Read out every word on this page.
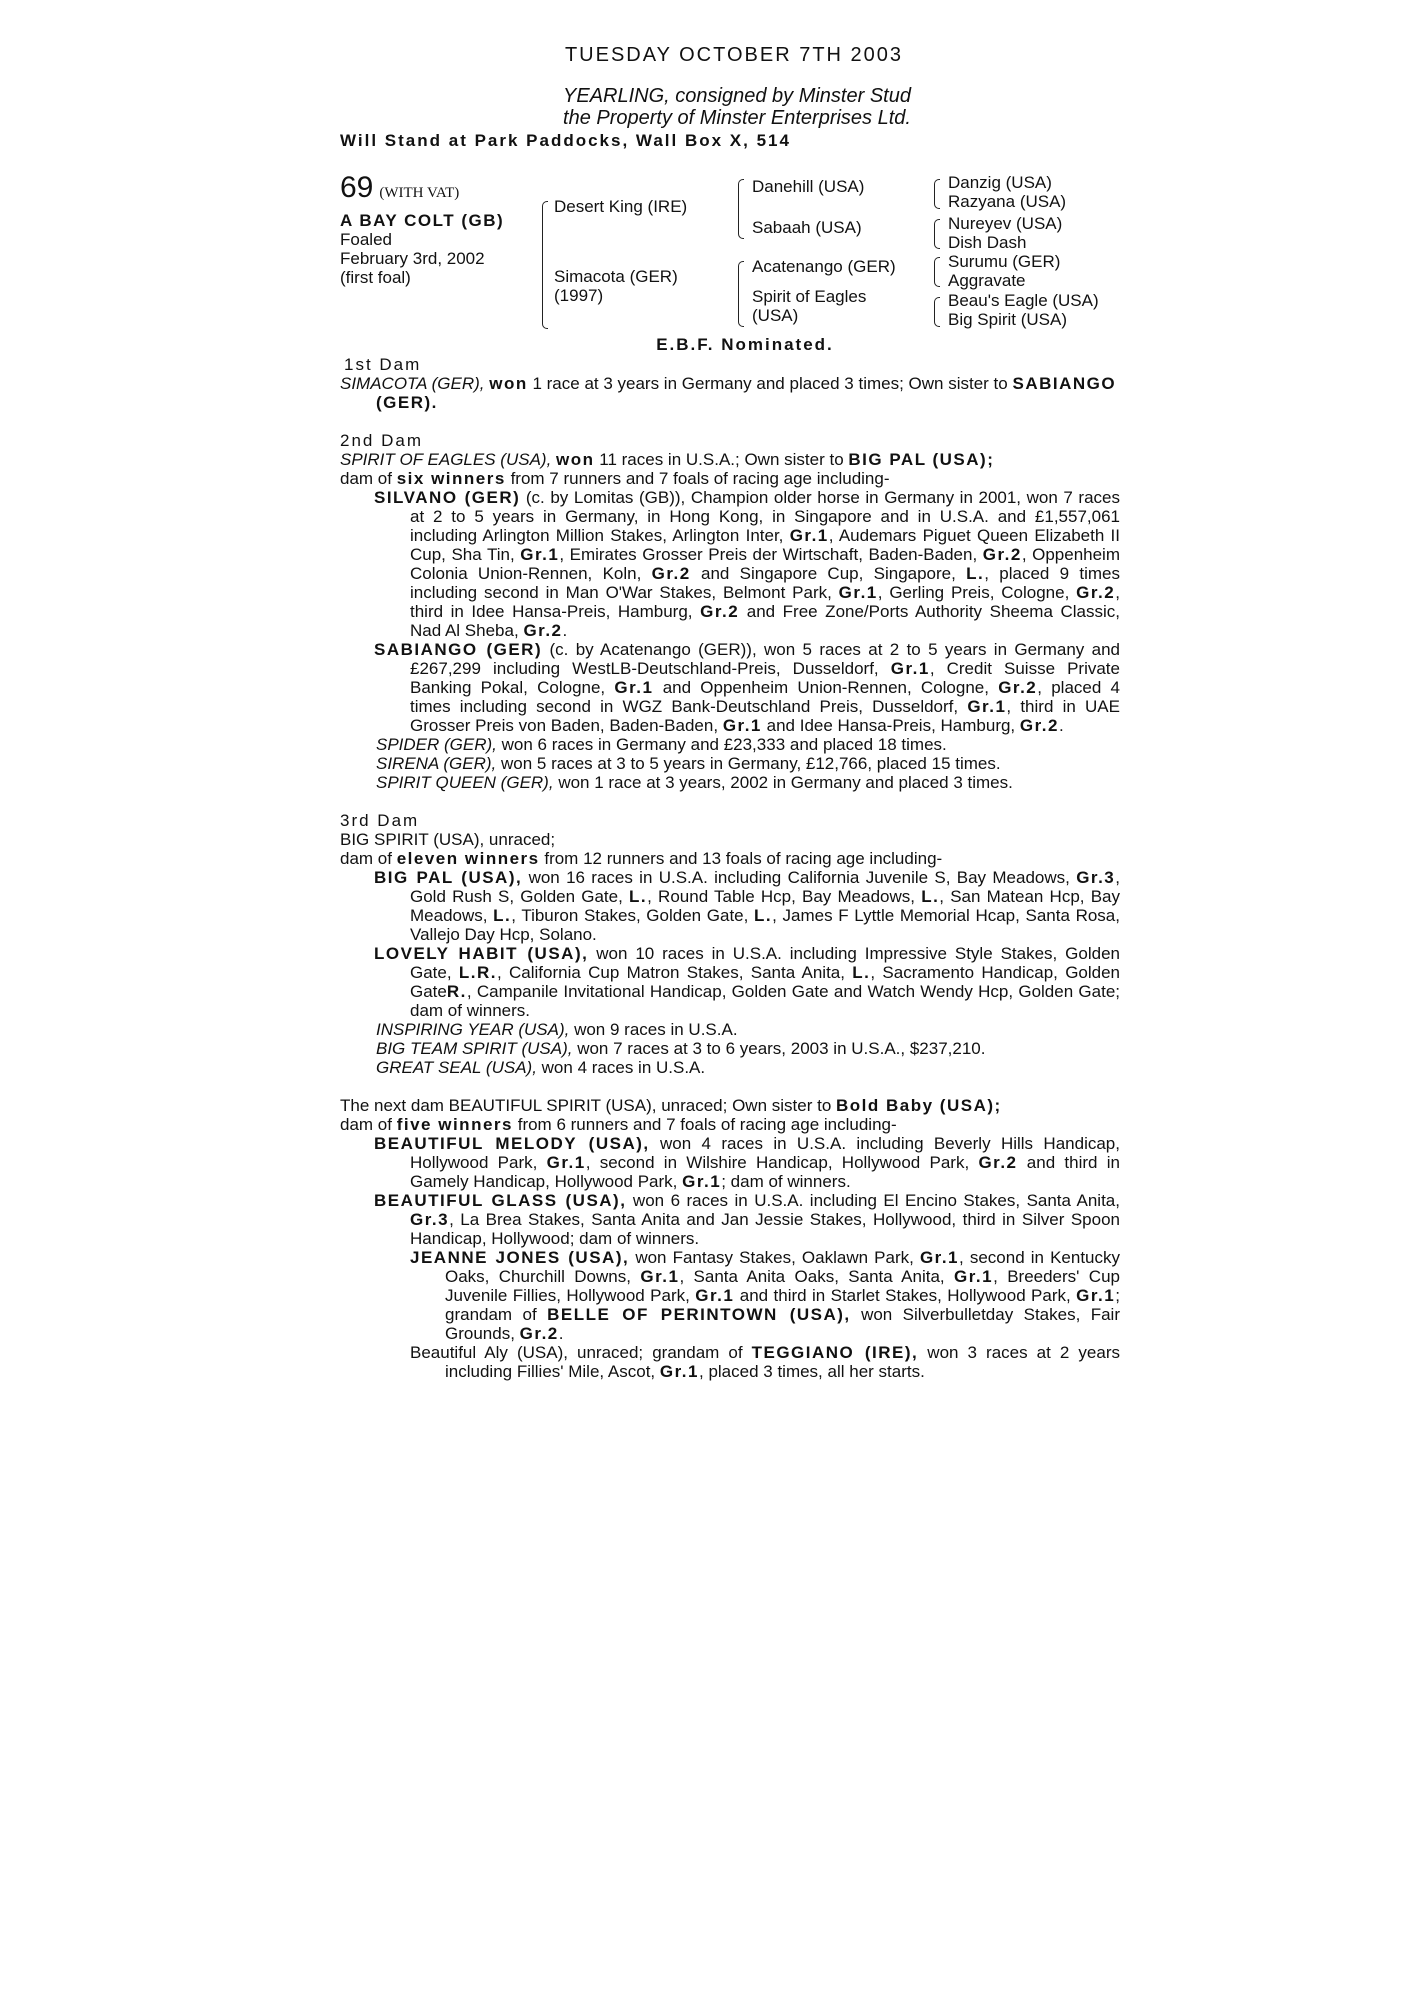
TUESDAY OCTOBER 7TH 2003
YEARLING, consigned by Minster Stud
the Property of Minster Enterprises Ltd.
Will Stand at Park Paddocks, Wall Box X, 514
69 (WITH VAT)
A BAY COLT (GB)
Foaled
February 3rd, 2002
(first foal)
Desert King (IRE)
Simacota (GER)
(1997)
Danehill (USA)
Sabaah (USA)
Acatenango (GER)
Spirit of Eagles
(USA)
Danzig (USA)
Razyana (USA)
Nureyev (USA)
Dish Dash
Surumu (GER)
Aggravate
Beau's Eagle (USA)
Big Spirit (USA)
E.B.F. Nominated.

1st Dam

SIMACOTA (GER), won 1 race at 3 years in Germany and placed 3 times; Own sister to SABIANGO (GER).

2nd Dam

SPIRIT OF EAGLES (USA), won 11 races in U.S.A.; Own sister to BIG PAL (USA);

dam of six winners from 7 runners and 7 foals of racing age including-

SILVANO (GER) (c. by Lomitas (GB)), Champion older horse in Germany in 2001, won 7 races at 2 to 5 years in Germany, in Hong Kong, in Singapore and in U.S.A. and £1,557,061 including Arlington Million Stakes, Arlington Inter, Gr.1, Audemars Piguet Queen Elizabeth II Cup, Sha Tin, Gr.1, Emirates Grosser Preis der Wirtschaft, Baden-Baden, Gr.2, Oppenheim Colonia Union-Rennen, Koln, Gr.2 and Singapore Cup, Singapore, L., placed 9 times including second in Man O'War Stakes, Belmont Park, Gr.1, Gerling Preis, Cologne, Gr.2, third in Idee Hansa-Preis, Hamburg, Gr.2 and Free Zone/Ports Authority Sheema Classic, Nad Al Sheba, Gr.2.

SABIANGO (GER) (c. by Acatenango (GER)), won 5 races at 2 to 5 years in Germany and £267,299 including WestLB-Deutschland-Preis, Dusseldorf, Gr.1, Credit Suisse Private Banking Pokal, Cologne, Gr.1 and Oppenheim Union-Rennen, Cologne, Gr.2, placed 4 times including second in WGZ Bank-Deutschland Preis, Dusseldorf, Gr.1, third in UAE Grosser Preis von Baden, Baden-Baden, Gr.1 and Idee Hansa-Preis, Hamburg, Gr.2.

SPIDER (GER), won 6 races in Germany and £23,333 and placed 18 times.

SIRENA (GER), won 5 races at 3 to 5 years in Germany, £12,766, placed 15 times.

SPIRIT QUEEN (GER), won 1 race at 3 years, 2002 in Germany and placed 3 times.

3rd Dam

BIG SPIRIT (USA), unraced;

dam of eleven winners from 12 runners and 13 foals of racing age including-

BIG PAL (USA), won 16 races in U.S.A. including California Juvenile S, Bay Meadows, Gr.3, Gold Rush S, Golden Gate, L., Round Table Hcp, Bay Meadows, L., San Matean Hcp, Bay Meadows, L., Tiburon Stakes, Golden Gate, L., James F Lyttle Memorial Hcap, Santa Rosa, Vallejo Day Hcp, Solano.

LOVELY HABIT (USA), won 10 races in U.S.A. including Impressive Style Stakes, Golden Gate, L.R., California Cup Matron Stakes, Santa Anita, L., Sacramento Handicap, Golden GateR., Campanile Invitational Handicap, Golden Gate and Watch Wendy Hcp, Golden Gate; dam of winners.

INSPIRING YEAR (USA), won 9 races in U.S.A.

BIG TEAM SPIRIT (USA), won 7 races at 3 to 6 years, 2003 in U.S.A., $237,210.

GREAT SEAL (USA), won 4 races in U.S.A.

The next dam BEAUTIFUL SPIRIT (USA), unraced; Own sister to Bold Baby (USA);

dam of five winners from 6 runners and 7 foals of racing age including-

BEAUTIFUL MELODY (USA), won 4 races in U.S.A. including Beverly Hills Handicap, Hollywood Park, Gr.1, second in Wilshire Handicap, Hollywood Park, Gr.2 and third in Gamely Handicap, Hollywood Park, Gr.1; dam of winners.

BEAUTIFUL GLASS (USA), won 6 races in U.S.A. including El Encino Stakes, Santa Anita, Gr.3, La Brea Stakes, Santa Anita and Jan Jessie Stakes, Hollywood, third in Silver Spoon Handicap, Hollywood; dam of winners.

JEANNE JONES (USA), won Fantasy Stakes, Oaklawn Park, Gr.1, second in Kentucky Oaks, Churchill Downs, Gr.1, Santa Anita Oaks, Santa Anita, Gr.1, Breeders' Cup Juvenile Fillies, Hollywood Park, Gr.1 and third in Starlet Stakes, Hollywood Park, Gr.1; grandam of BELLE OF PERINTOWN (USA), won Silverbulletday Stakes, Fair Grounds, Gr.2.

Beautiful Aly (USA), unraced; grandam of TEGGIANO (IRE), won 3 races at 2 years including Fillies' Mile, Ascot, Gr.1, placed 3 times, all her starts.
